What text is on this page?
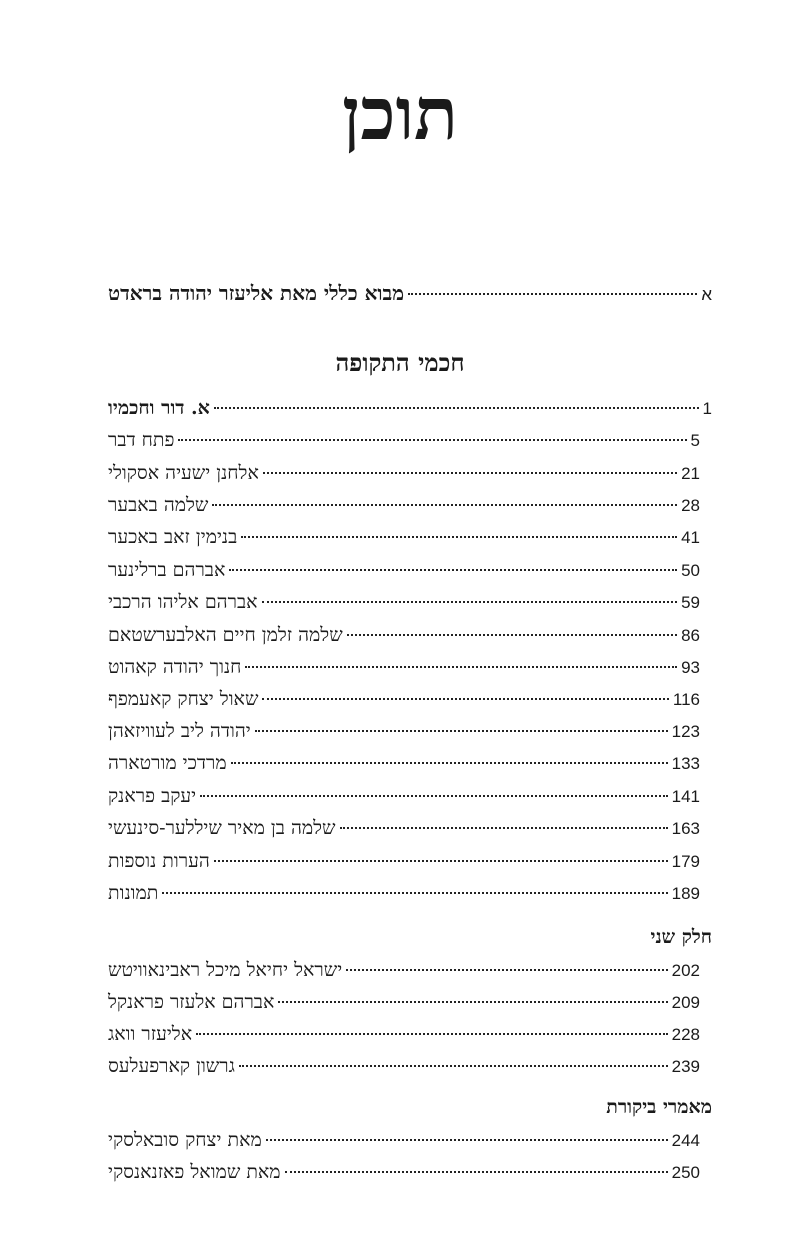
תוכן
מבוא כללי מאת אליעזר יהודה בראדט	א
חכמי התקופה
א. דור וחכמיו	1
פתח דבר	5
אלחנן ישעיה אסקולי	21
שלמה באבער	28
בנימין זאב באכער	41
אברהם ברלינער	50
אברהם אליהו הרכבי	59
שלמה זלמן חיים האלבערשטאם	86
חנוך יהודה קאהוט	93
שאול יצחק קאעמפף	116
יהודה ליב לעוויזאהן	123
מרדכי מורטארה	133
יעקב פראנק	141
שלמה בן מאיר שיללער-סינעשי	163
הערות נוספות	179
תמונות	189
חלק שני
ישראל יחיאל מיכל ראבינאוויטש	202
אברהם אלעזר פראנקל	209
אליעזר וואג	228
גרשון קארפעלעס	239
מאמרי ביקורת
מאת יצחק סובאלסקי	244
מאת שמואל פאזנאנסקי	250
